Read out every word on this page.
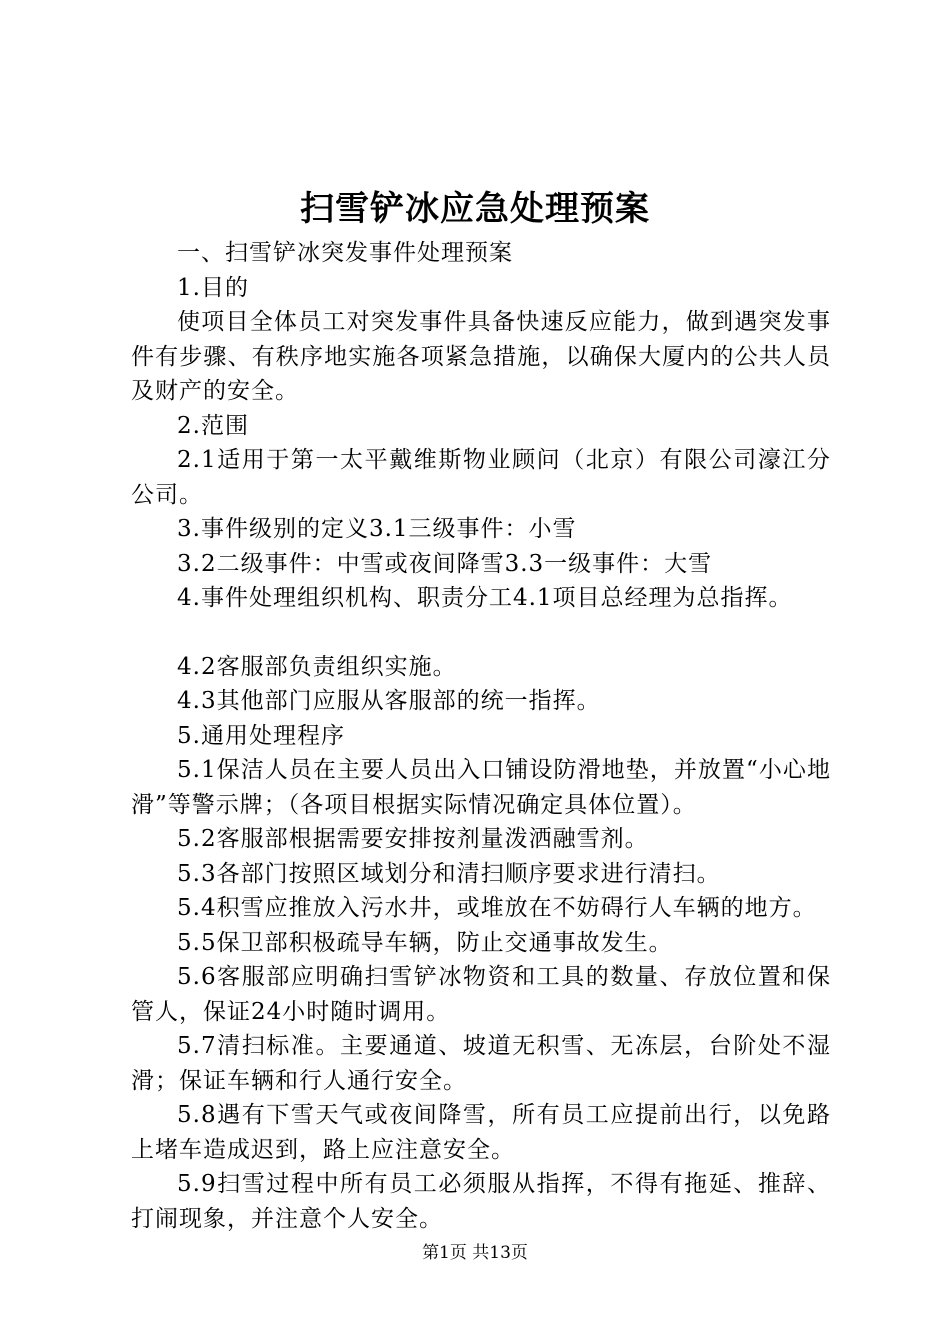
扫雪铲冰应急处理预案

一、扫雪铲冰突发事件处理预案

1.目的

使项目全体员工对突发事件具备快速反应能力，做到遇突发事件有步骤、有秩序地实施各项紧急措施，以确保大厦内的公共人员及财产的安全。

2.范围

2.1适用于第一太平戴维斯物业顾问（北京）有限公司濠江分公司。

3.事件级别的定义3.1三级事件：小雪

3.2二级事件：中雪或夜间降雪3.3一级事件：大雪

4.事件处理组织机构、职责分工4.1项目总经理为总指挥。

4.2客服部负责组织实施。

4.3其他部门应服从客服部的统一指挥。

5.通用处理程序

5.1保洁人员在主要人员出入口铺设防滑地垫，并放置“小心地滑”等警示牌；（各项目根据实际情况确定具体位置）。

5.2客服部根据需要安排按剂量泼洒融雪剂。

5.3各部门按照区域划分和清扫顺序要求进行清扫。

5.4积雪应推放入污水井，或堆放在不妨碍行人车辆的地方。

5.5保卫部积极疏导车辆，防止交通事故发生。

5.6客服部应明确扫雪铲冰物资和工具的数量、存放位置和保管人，保证24小时随时调用。

5.7清扫标准。主要通道、坡道无积雪、无冻层，台阶处不湿滑；保证车辆和行人通行安全。

5.8遇有下雪天气或夜间降雪，所有员工应提前出行，以免路上堵车造成迟到，路上应注意安全。

5.9扫雪过程中所有员工必须服从指挥，不得有拖延、推辞、打闹现象，并注意个人安全。

第1页 共13页
